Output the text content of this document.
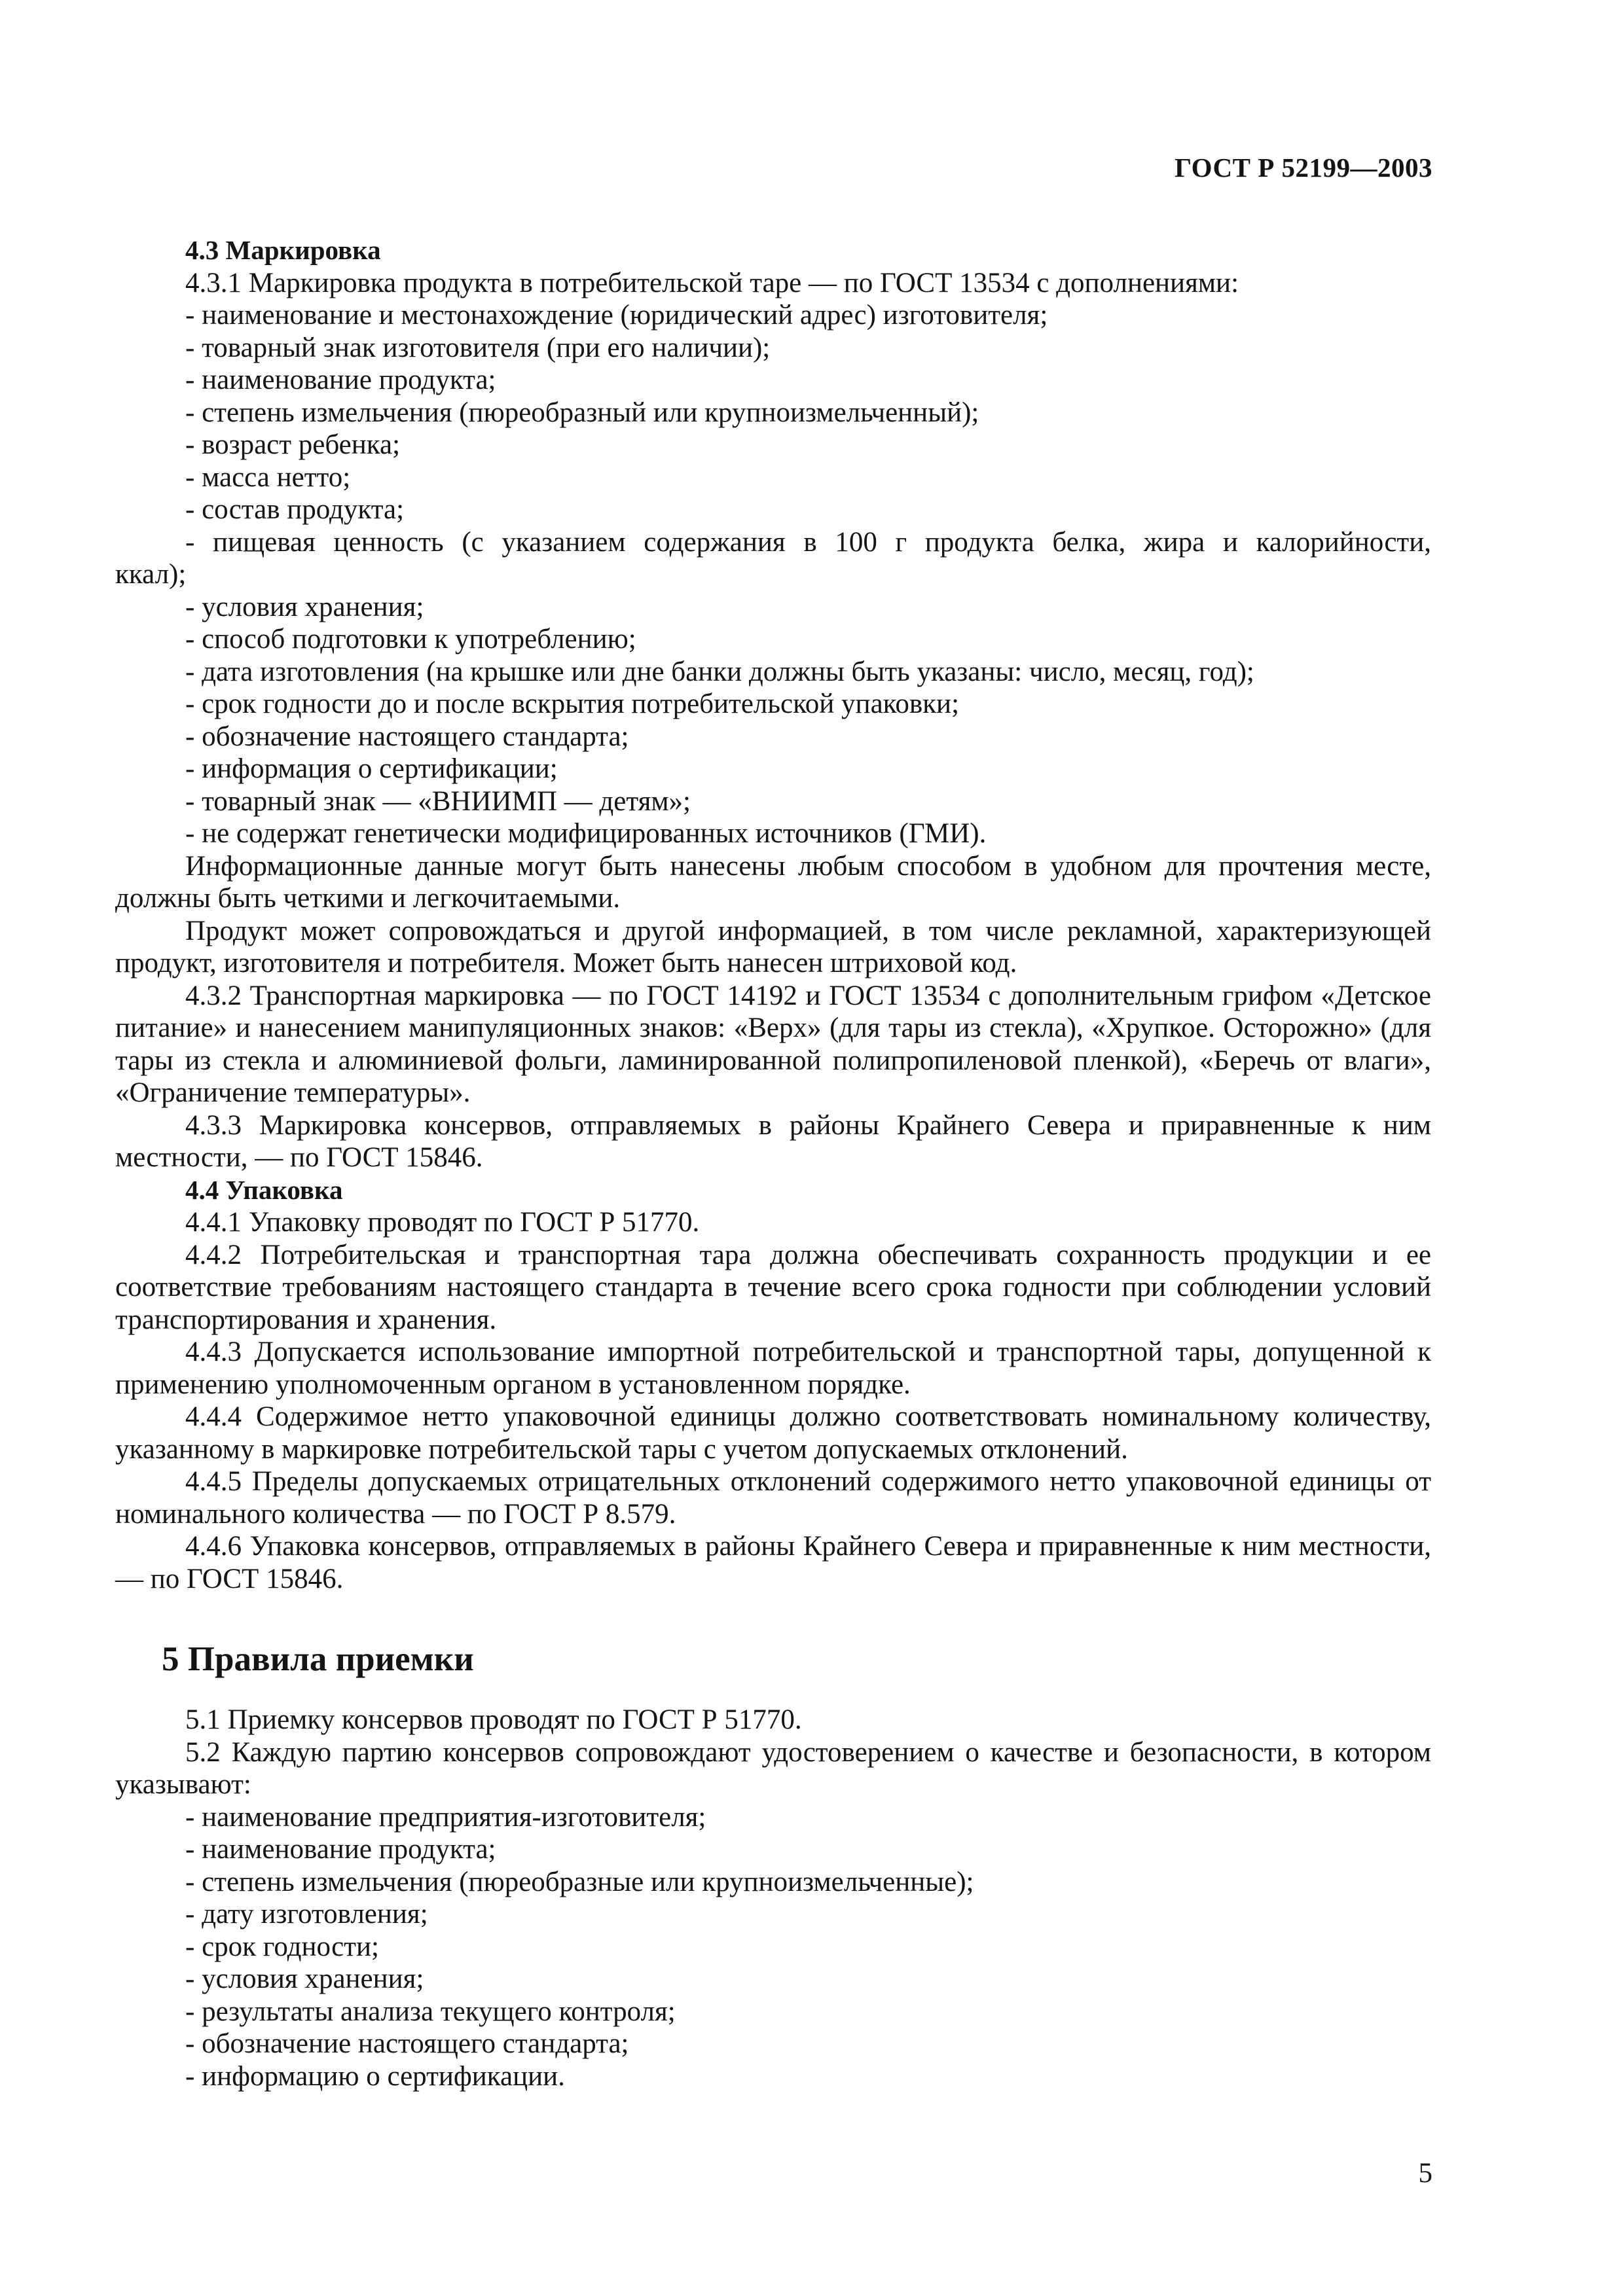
ГОСТ Р 52199—2003

4.3 Маркировка

4.3.1 Маркировка продукта в потребительской таре — по ГОСТ 13534 с дополнениями:

- наименование и местонахождение (юридический адрес) изготовителя;

- товарный знак изготовителя (при его наличии);

- наименование продукта;

- степень измельчения (пюреобразный или крупноизмельченный);

- возраст ребенка;

- масса нетто;

- состав продукта;

- пищевая ценность (с указанием содержания в 100 г продукта белка, жира и калорийности,

ккал);

- условия хранения;

- способ подготовки к употреблению;

- дата изготовления (на крышке или дне банки должны быть указаны: число, месяц, год);

- срок годности до и после вскрытия потребительской упаковки;

- обозначение настоящего стандарта;

- информация о сертификации;

- товарный знак — «ВНИИМП — детям»;

- не содержат генетически модифицированных источников (ГМИ).

Информационные данные могут быть нанесены любым способом в удобном для прочтения месте, должны быть четкими и легкочитаемыми.

Продукт может сопровождаться и другой информацией, в том числе рекламной, характеризующей продукт, изготовителя и потребителя. Может быть нанесен штриховой код.

4.3.2 Транспортная маркировка — по ГОСТ 14192 и ГОСТ 13534 с дополнительным грифом «Детское питание» и нанесением манипуляционных знаков: «Верх» (для тары из стекла), «Хрупкое. Осторожно» (для тары из стекла и алюминиевой фольги, ламинированной полипропиленовой пленкой), «Беречь от влаги», «Ограничение температуры».

4.3.3 Маркировка консервов, отправляемых в районы Крайнего Севера и приравненные к ним местности, — по ГОСТ 15846.

4.4 Упаковка

4.4.1 Упаковку проводят по ГОСТ Р 51770.

4.4.2 Потребительская и транспортная тара должна обеспечивать сохранность продукции и ее соответствие требованиям настоящего стандарта в течение всего срока годности при соблюдении условий транспортирования и хранения.

4.4.3 Допускается использование импортной потребительской и транспортной тары, допущенной к применению уполномоченным органом в установленном порядке.

4.4.4 Содержимое нетто упаковочной единицы должно соответствовать номинальному количеству, указанному в маркировке потребительской тары с учетом допускаемых отклонений.

4.4.5 Пределы допускаемых отрицательных отклонений содержимого нетто упаковочной единицы от номинального количества — по ГОСТ Р 8.579.

4.4.6 Упаковка консервов, отправляемых в районы Крайнего Севера и приравненные к ним местности, — по ГОСТ 15846.

5 Правила приемки

5.1 Приемку консервов проводят по ГОСТ Р 51770.

5.2 Каждую партию консервов сопровождают удостоверением о качестве и безопасности, в котором указывают:

- наименование предприятия-изготовителя;

- наименование продукта;

- степень измельчения (пюреобразные или крупноизмельченные);

- дату изготовления;

- срок годности;

- условия хранения;

- результаты анализа текущего контроля;

- обозначение настоящего стандарта;

- информацию о сертификации.

5
